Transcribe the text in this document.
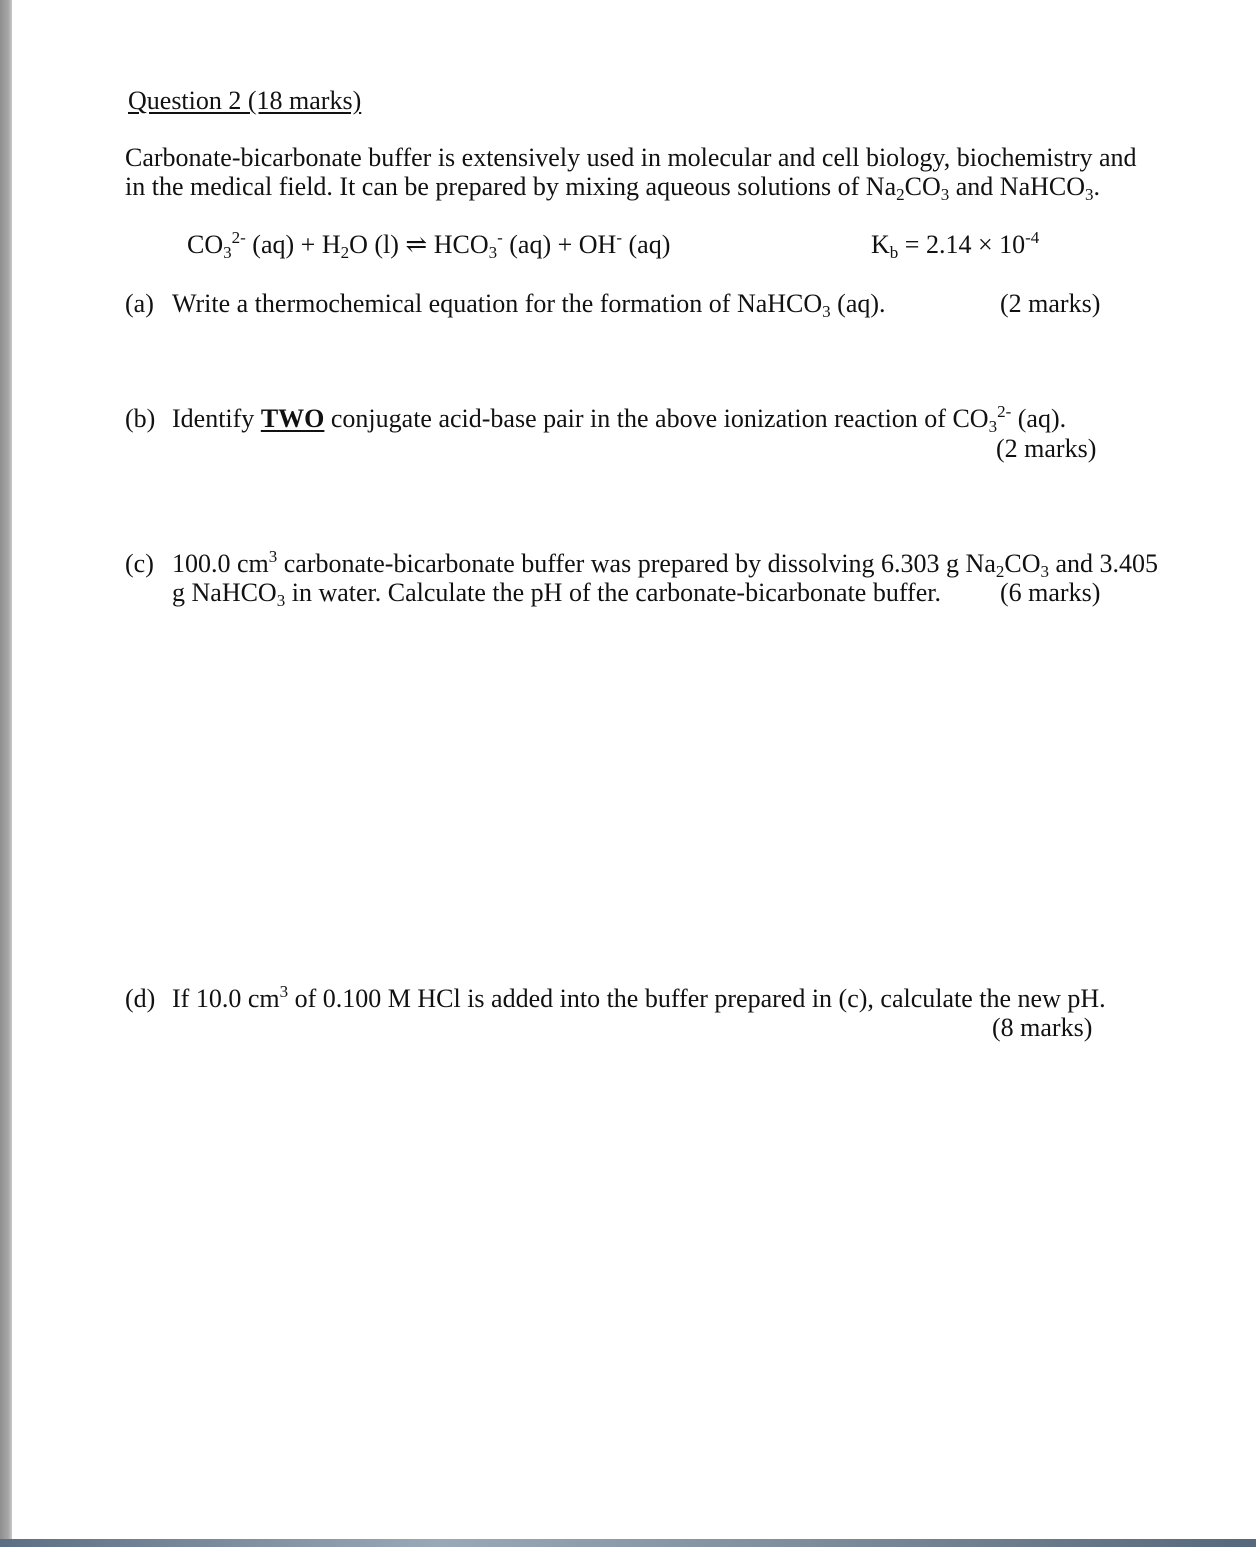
Question 2 (18 marks)
Carbonate-bicarbonate buffer is extensively used in molecular and cell biology, biochemistry and
in the medical field. It can be prepared by mixing aqueous solutions of $Na_2CO_3$ and NaHCO$_3$.
$CO_3^{2-}$ $(aq) + H_2O$ (l) ⇌ $HCO_3^-$ (aq) + OH- (aq)	$K_b = 2.14 \times 10^{-4}$
(a) Write a thermochemical equation for the formation of NaHCO$_3$ (aq).	(2 marks)
(b) Identify TWO conjugate acid-base pair in the above ionization reaction of $CO_3^{2-}$ (aq).
(2 marks)
(c) 100.0 $cm^3$ carbonate-bicarbonate buffer was prepared by dissolving 6.303 g $Na_2CO_3$ and 3.405
g NaHCO$_3$ in water. Calculate the pH of the carbonate-bicarbonate buffer. (6 marks)
(d) If 10.0 $cm^3$ of 0.100 M HCl is added into the buffer prepared in (c), calculate the new pH.
(8 marks)
